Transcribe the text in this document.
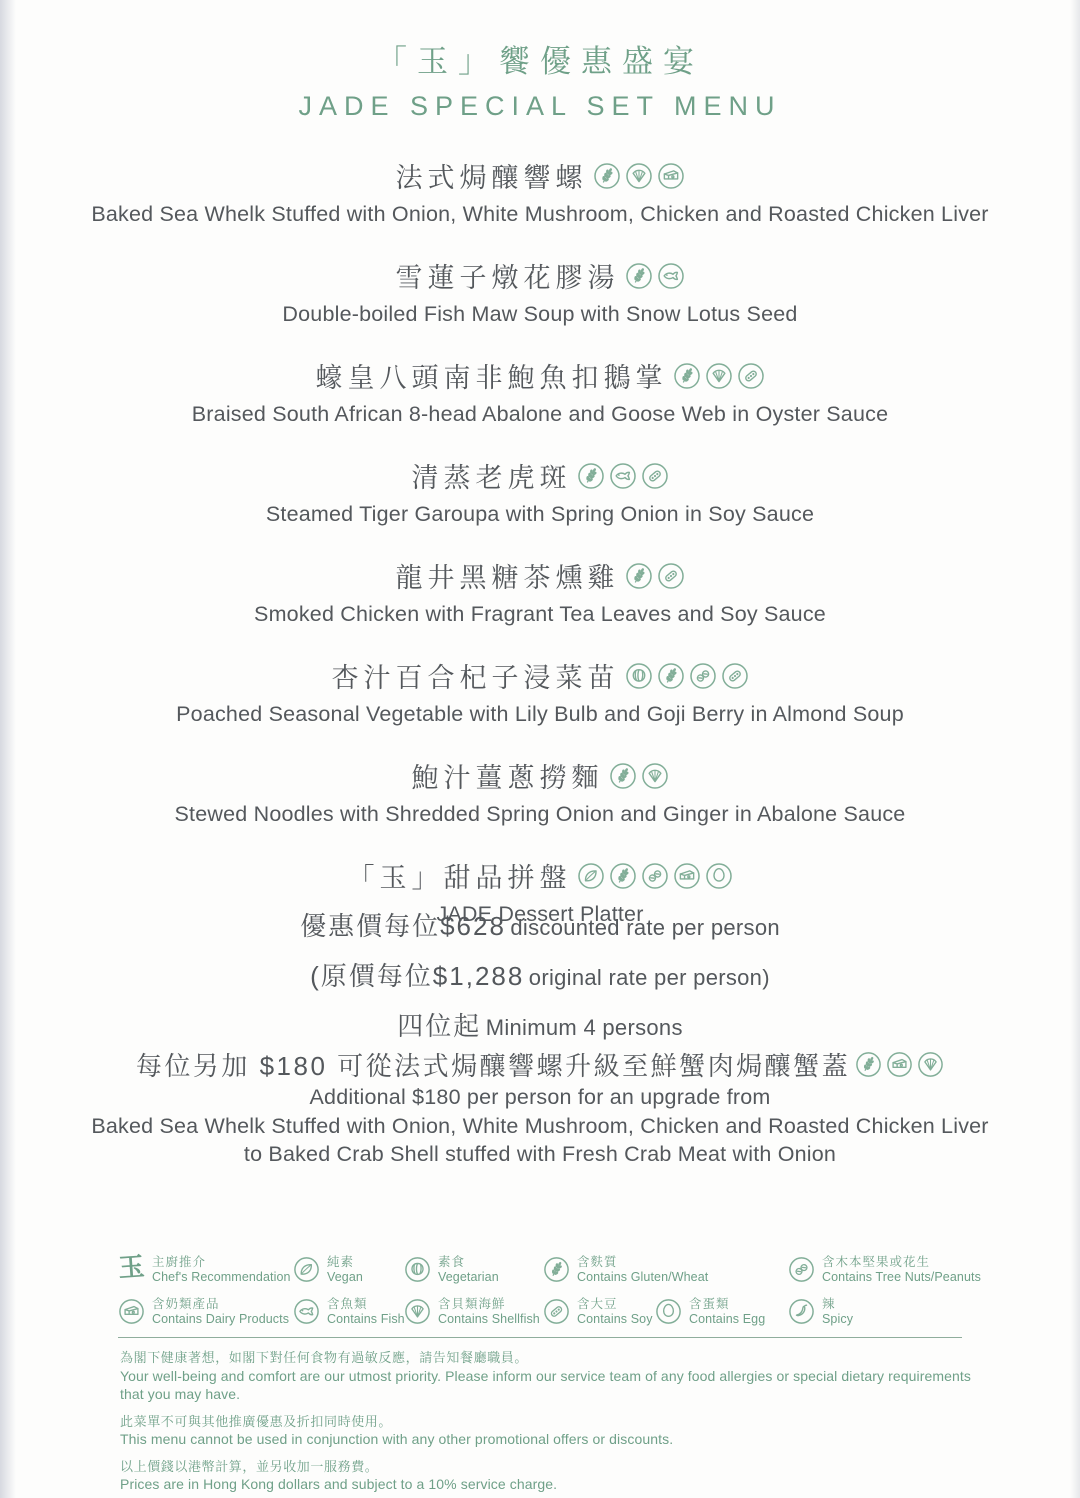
「玉」饗優惠盛宴
JADE SPECIAL SET MENU
法式焗釀響螺
Baked Sea Whelk Stuffed with Onion, White Mushroom, Chicken and Roasted Chicken Liver
雪蓮子燉花膠湯
Double-boiled Fish Maw Soup with Snow Lotus Seed
蠔皇八頭南非鮑魚扣鵝掌
Braised South African 8-head Abalone and Goose Web in Oyster Sauce
清蒸老虎斑
Steamed Tiger Garoupa with Spring Onion in Soy Sauce
龍井黑糖茶燻雞
Smoked Chicken with Fragrant Tea Leaves and Soy Sauce
杏汁百合杞子浸菜苗
Poached Seasonal Vegetable with Lily Bulb and Goji Berry in Almond Soup
鮑汁薑蔥撈麵
Stewed Noodles with Shredded Spring Onion and Ginger in Abalone Sauce
「玉」甜品拼盤
JADE Dessert Platter
優惠價每位$628 discounted rate per person
(原價每位$1,288 original rate per person)
四位起 Minimum 4 persons
每位另加 $180 可從法式焗釀響螺升級至鮮蟹肉焗釀蟹蓋
Additional $180 per person for an upgrade from
Baked Sea Whelk Stuffed with Onion, White Mushroom, Chicken and Roasted Chicken Liver
to Baked Crab Shell stuffed with Fresh Crab Meat with Onion
玉 主廚推介
Chef's Recommendation
純素
Vegan
素食
Vegetarian
含麩質
Contains Gluten/Wheat
含木本堅果或花生
Contains Tree Nuts/Peanuts
含奶類產品
Contains Dairy Products
含魚類
Contains Fish
含貝類海鮮
Contains Shellfish
含大豆
Contains Soy
含蛋類
Contains Egg
辣
Spicy
為閣下健康著想，如閣下對任何食物有過敏反應，請告知餐廳職員。
Your well-being and comfort are our utmost priority. Please inform our service team of any food allergies or special dietary requirements that you may have.
此菜單不可與其他推廣優惠及折扣同時使用。
This menu cannot be used in conjunction with any other promotional offers or discounts.
以上價錢以港幣計算，並另收加一服務費。
Prices are in Hong Kong dollars and subject to a 10% service charge.
